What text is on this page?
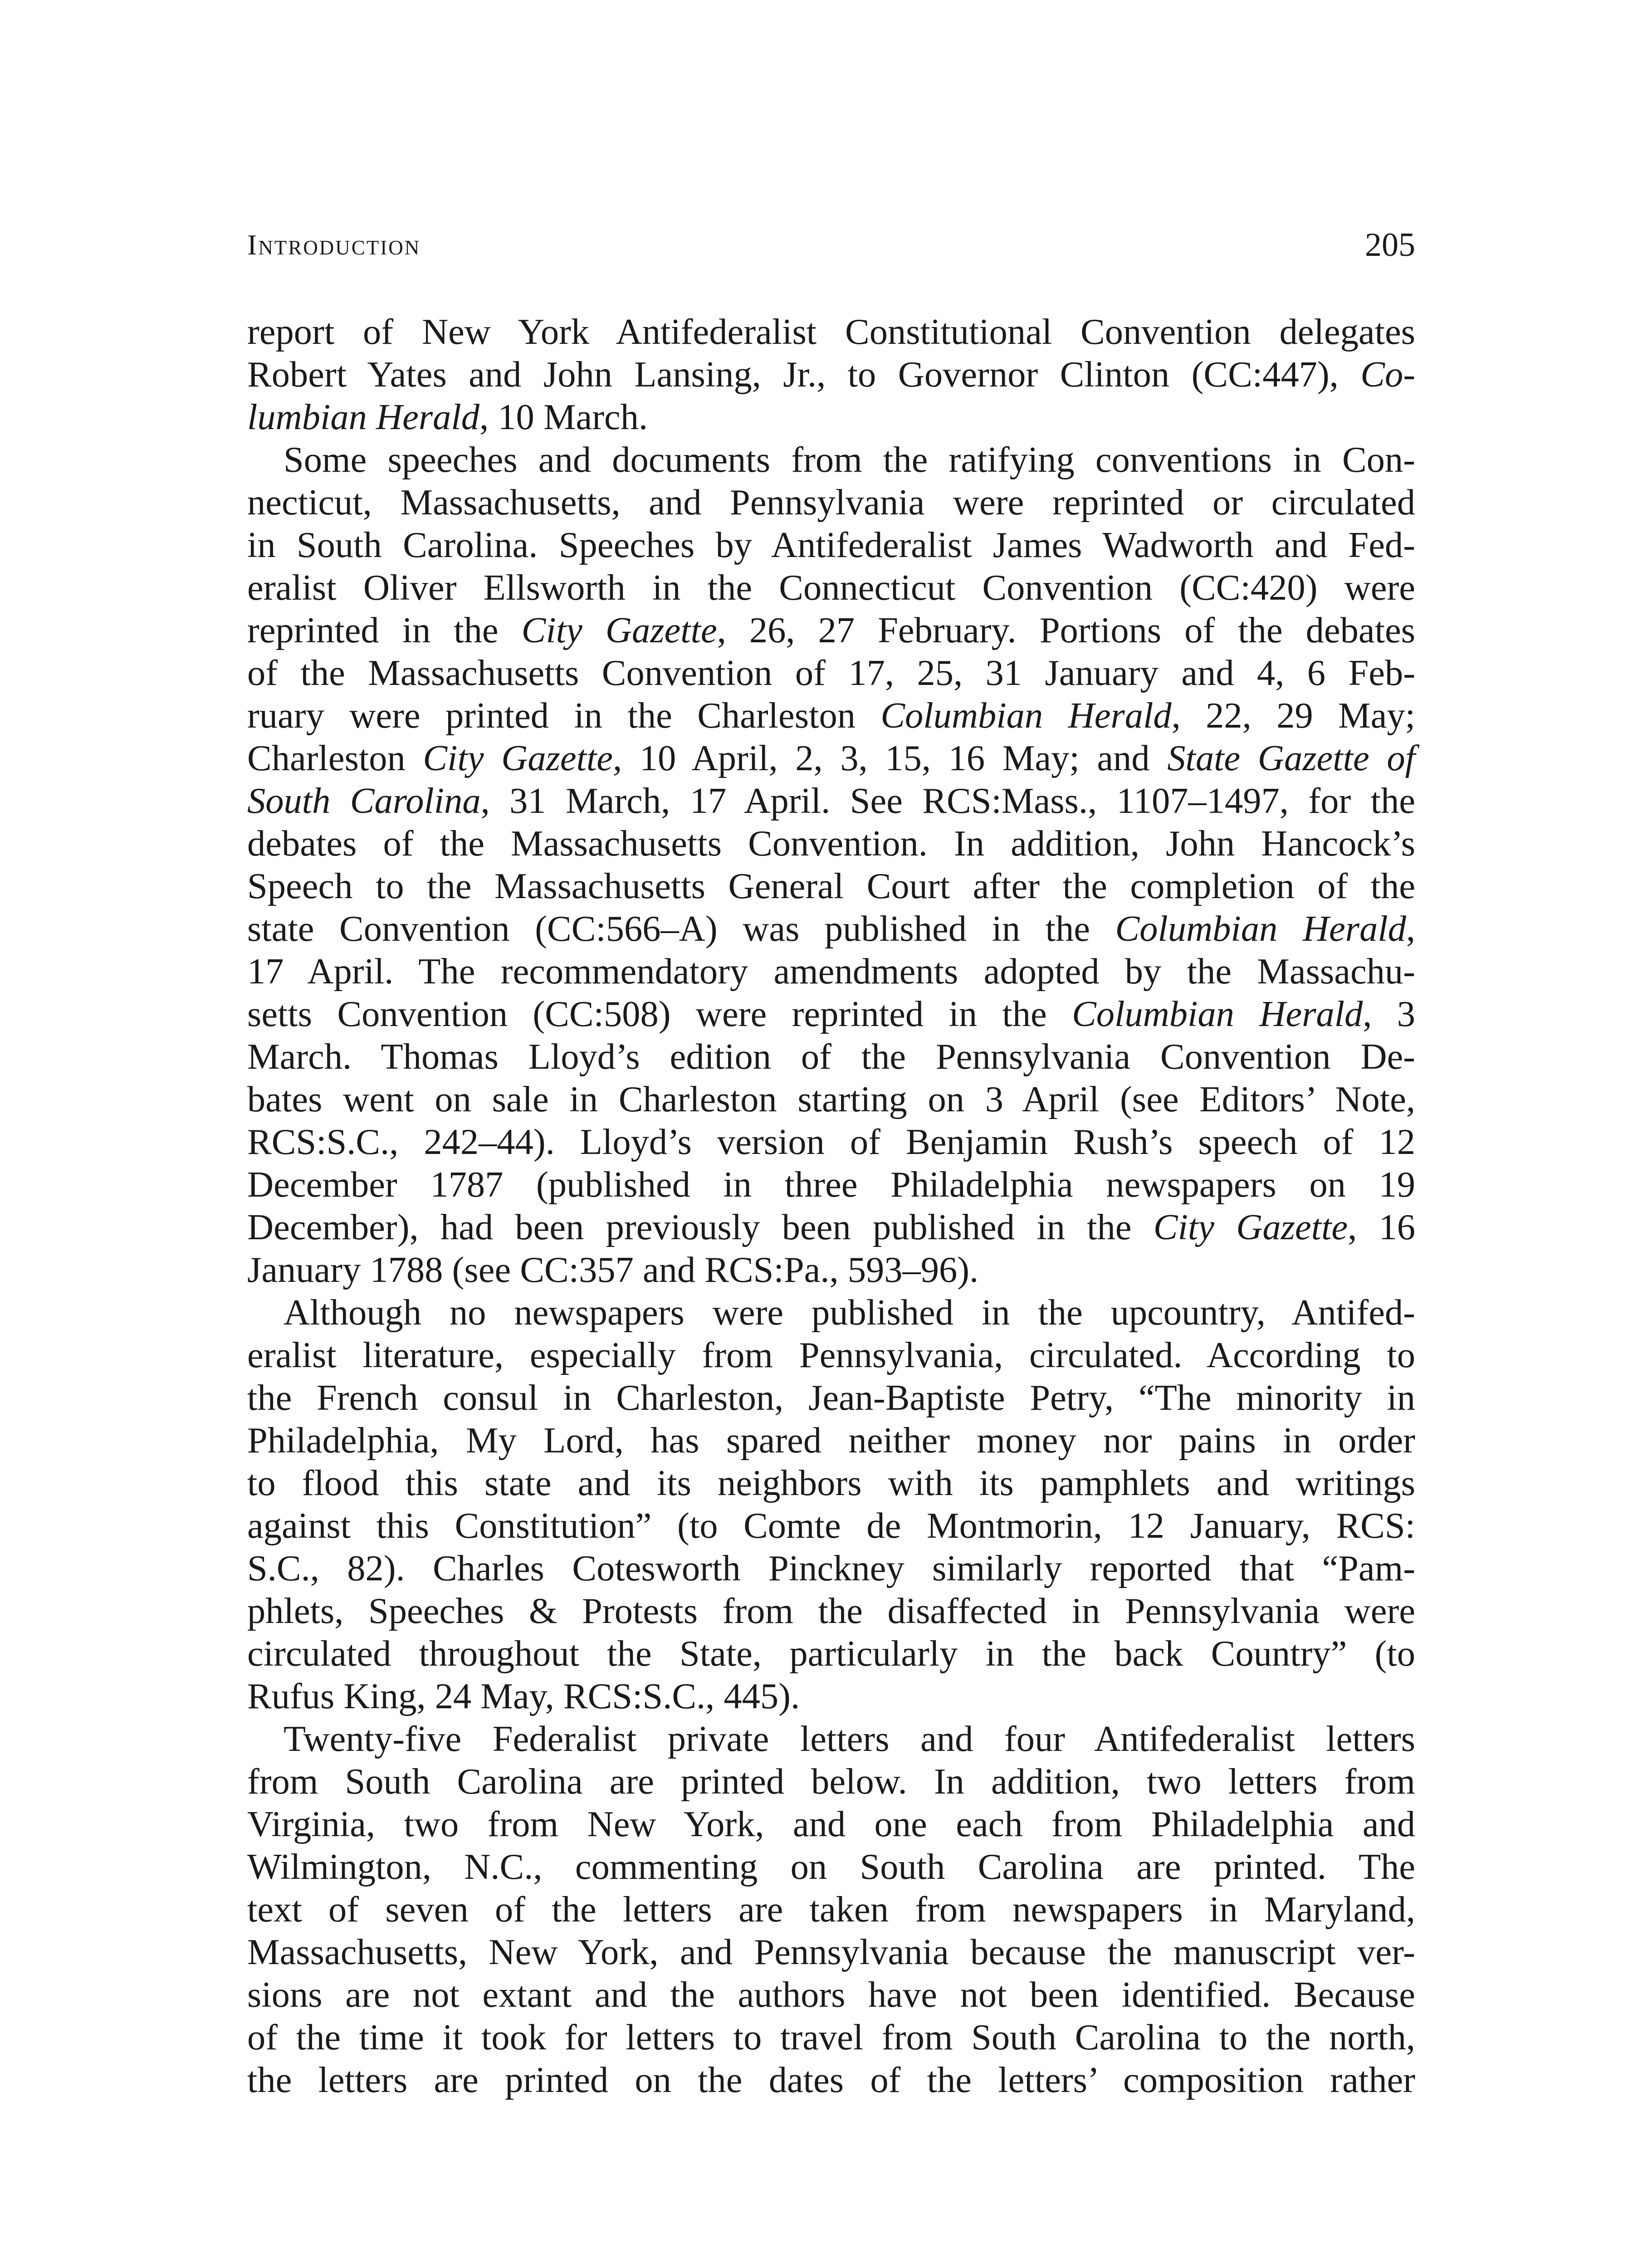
Introduction	205
report of New York Antifederalist Constitutional Convention delegates
Robert Yates and John Lansing, Jr., to Governor Clinton (CC:447), Co-
lumbian Herald, 10 March.
Some speeches and documents from the ratifying conventions in Con-
necticut, Massachusetts, and Pennsylvania were reprinted or circulated
in South Carolina. Speeches by Antifederalist James Wadworth and Fed-
eralist Oliver Ellsworth in the Connecticut Convention (CC:420) were
reprinted in the City Gazette, 26, 27 February. Portions of the debates
of the Massachusetts Convention of 17, 25, 31 January and 4, 6 Feb-
ruary were printed in the Charleston Columbian Herald, 22, 29 May;
Charleston City Gazette, 10 April, 2, 3, 15, 16 May; and State Gazette of
South Carolina, 31 March, 17 April. See RCS:Mass., 1107–1497, for the
debates of the Massachusetts Convention. In addition, John Hancock’s
Speech to the Massachusetts General Court after the completion of the
state Convention (CC:566–A) was published in the Columbian Herald,
17 April. The recommendatory amendments adopted by the Massachu-
setts Convention (CC:508) were reprinted in the Columbian Herald, 3
March. Thomas Lloyd’s edition of the Pennsylvania Convention De-
bates went on sale in Charleston starting on 3 April (see Editors’ Note,
RCS:S.C., 242–44). Lloyd’s version of Benjamin Rush’s speech of 12
December 1787 (published in three Philadelphia newspapers on 19
December), had been previously been published in the City Gazette, 16
January 1788 (see CC:357 and RCS:Pa., 593–96).
Although no newspapers were published in the upcountry, Antifed-
eralist literature, especially from Pennsylvania, circulated. According to
the French consul in Charleston, Jean-Baptiste Petry, “The minority in
Philadelphia, My Lord, has spared neither money nor pains in order
to flood this state and its neighbors with its pamphlets and writings
against this Constitution” (to Comte de Montmorin, 12 January, RCS:
S.C., 82). Charles Cotesworth Pinckney similarly reported that “Pam-
phlets, Speeches & Protests from the disaffected in Pennsylvania were
circulated throughout the State, particularly in the back Country” (to
Rufus King, 24 May, RCS:S.C., 445).
Twenty-five Federalist private letters and four Antifederalist letters
from South Carolina are printed below. In addition, two letters from
Virginia, two from New York, and one each from Philadelphia and
Wilmington, N.C., commenting on South Carolina are printed. The
text of seven of the letters are taken from newspapers in Maryland,
Massachusetts, New York, and Pennsylvania because the manuscript ver-
sions are not extant and the authors have not been identified. Because
of the time it took for letters to travel from South Carolina to the north,
the letters are printed on the dates of the letters’ composition rather
